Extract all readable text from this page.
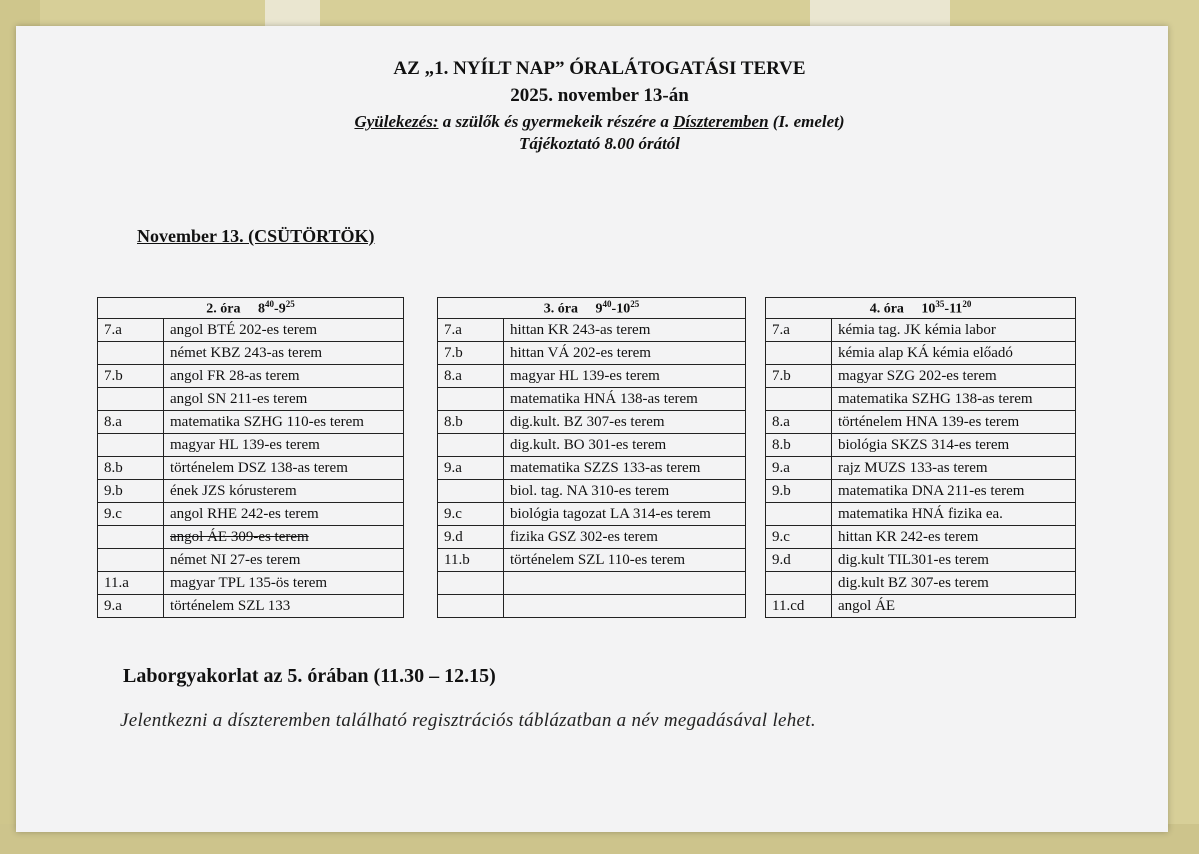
AZ „1. NYÍLT NAP” ÓRALÁTOGATÁSI TERVE
2025. november 13-án
Gyülekezés: a szülők és gyermekeik részére a Díszteremben (I. emelet)
Tájékoztató 8.00 órától
November 13. (CSÜTÖRTÖK)
2. óra $8^{40}-9^{25}$
7.a	angol BTÉ 202-es terem
	német KBZ 243-as terem
7.b	angol FR 28-as terem
	angol SN 211-es terem
8.a	matematika SZHG 110-es terem
	magyar HL 139-es terem
8.b	történelem DSZ 138-as terem
9.b	ének JZS kórusterem
9.c	angol RHE 242-es terem
	angol ÁE 309-es terem
	német NI 27-es terem
11.a	magyar TPL 135-ös terem
9.a	történelem SZL 133
3. óra $9^{40}-10^{25}$
7.a	hittan KR 243-as terem
7.b	hittan VÁ 202-es terem
8.a	magyar HL 139-es terem
	matematika HNÁ 138-as terem
8.b	dig.kult. BZ 307-es terem
	dig.kult. BO 301-es terem
9.a	matematika SZZS 133-as terem
	biol. tag. NA 310-es terem
9.c	biológia tagozat LA 314-es terem
9.d	fizika GSZ 302-es terem
11.b	történelem SZL 110-es terem

4. óra $10^{35}-11^{20}$
7.a	kémia tag. JK kémia labor
	kémia alap KÁ kémia előadó
7.b	magyar SZG 202-es terem
	matematika SZHG 138-as terem
8.a	történelem HNA 139-es terem
8.b	biológia SKZS 314-es terem
9.a	rajz MUZS 133-as terem
9.b	matematika DNA 211-es terem
	matematika HNÁ fizika ea.
9.c	hittan KR 242-es terem
9.d	dig.kult TIL301-es terem
	dig.kult BZ 307-es terem
11.cd	angol ÁE
Laborgyakorlat az 5. órában (11.30 – 12.15)
Jelentkezni a díszteremben található regisztrációs táblázatban a név megadásával lehet.
